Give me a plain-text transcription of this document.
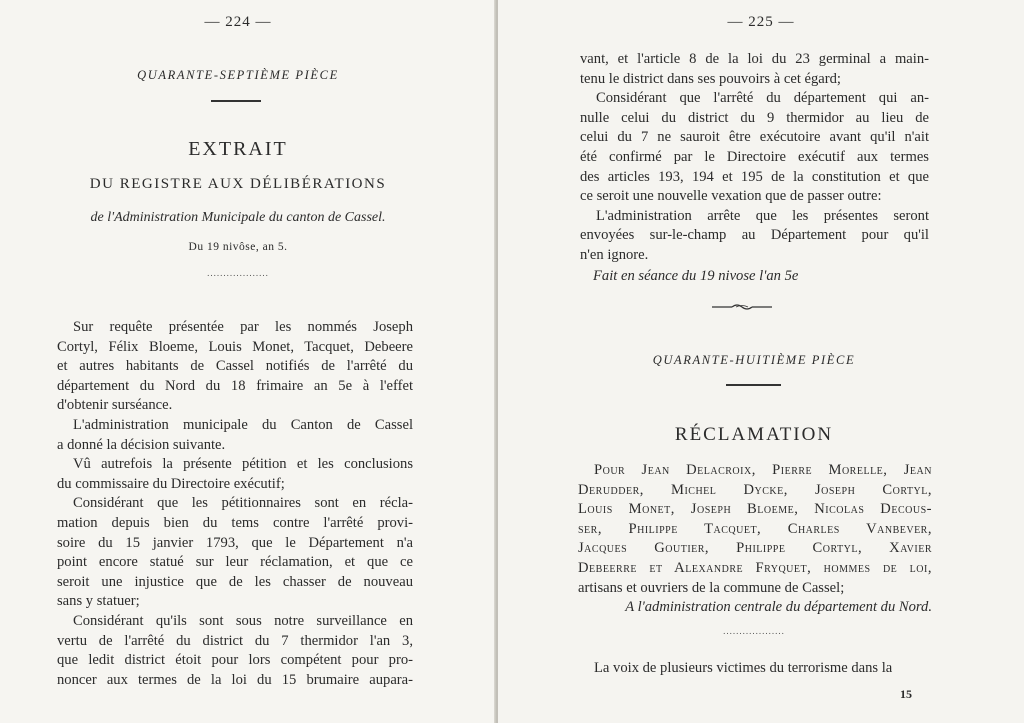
— 224 —
QUARANTE-SEPTIÈME PIÈCE
EXTRAIT
DU REGISTRE AUX DÉLIBÉRATIONS
de l'Administration Municipale du canton de Cassel.
Du 19 nivôse, an 5.
...................
Sur requête présentée par les nommés Joseph
Cortyl, Félix Bloeme, Louis Monet, Tacquet, Debeere
et autres habitants de Cassel notifiés de l'arrêté du
département du Nord du 18 frimaire an 5e à l'effet
d'obtenir surséance.
L'administration municipale du Canton de Cassel
a donné la décision suivante.
Vû autrefois la présente pétition et les conclusions
du commissaire du Directoire exécutif;
Considérant que les pétitionnaires sont en récla-
mation depuis bien du tems contre l'arrêté provi-
soire du 15 janvier 1793, que le Département n'a
point encore statué sur leur réclamation, et que ce
seroit une injustice que de les chasser de nouveau
sans y statuer;
Considérant qu'ils sont sous notre surveillance en
vertu de l'arrêté du district du 7 thermidor l'an 3,
que ledit district étoit pour lors compétent pour pro-
noncer aux termes de la loi du 15 brumaire aupara-
— 225 —
vant, et l'article 8 de la loi du 23 germinal a main-
tenu le district dans ses pouvoirs à cet égard;
Considérant que l'arrêté du département qui an-
nulle celui du district du 9 thermidor au lieu de
celui du 7 ne sauroit être exécutoire avant qu'il n'ait
été confirmé par le Directoire exécutif aux termes
des articles 193, 194 et 195 de la constitution et que
ce seroit une nouvelle vexation que de passer outre:
L'administration arrête que les présentes seront
envoyées sur-le-champ au Département pour qu'il
n'en ignore.
Fait en séance du 19 nivose l'an 5e
QUARANTE-HUITIÈME PIÈCE
RÉCLAMATION
Pour Jean Delacroix, Pierre Morelle, Jean
Derudder, Michel Dycke, Joseph Cortyl,
Louis Monet, Joseph Bloeme, Nicolas Decous-
ser, Philippe Tacquet, Charles Vanbever,
Jacques Goutier, Philippe Cortyl, Xavier
Debeerre et Alexandre Fryquet, hommes de loi,
artisans et ouvriers de la commune de Cassel;
A l'administration centrale du département du Nord.
...................
La voix de plusieurs victimes du terrorisme dans la
15
